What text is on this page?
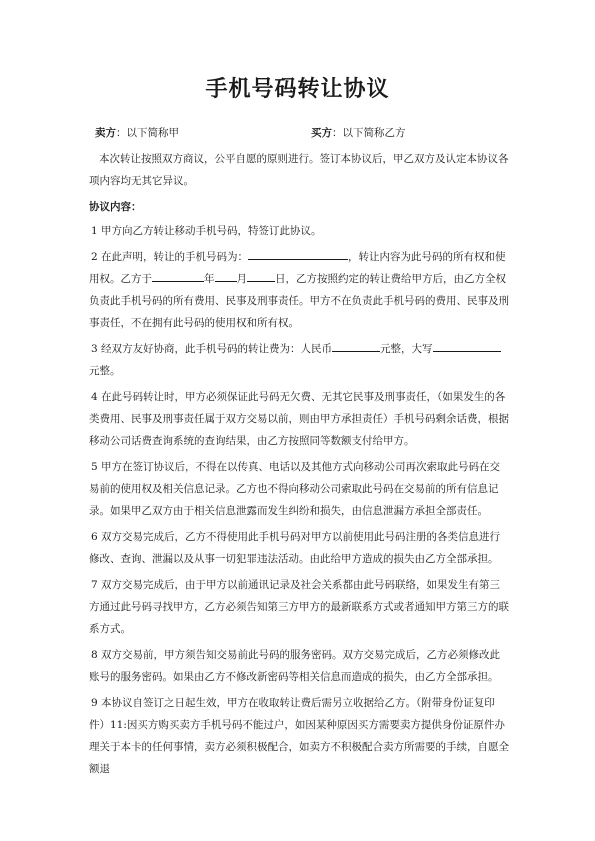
手机号码转让协议
卖方：以下简称甲	买方：以下简称乙方

本次转让按照双方商议，公平自愿的原则进行。签订本协议后，甲乙双方及认定本协议各项内容均无其它异议。

协议内容：

1 甲方向乙方转让移动手机号码，特签订此协议。

2 在此声明，转让的手机号码为：	，转让内容为此号码的所有权和使用权。乙方于	年 月	日，乙方按照约定的转让费给甲方后，由乙方全权负责此手机号码的所有费用、民事及刑事责任。甲方不在负责此手机号码的费用、民事及刑事责任，不在拥有此号码的使用权和所有权。

3 经双方友好协商，此手机号码的转让费为：人民币	元整，大写元整。

4 在此号码转让时，甲方必须保证此号码无欠费、无其它民事及刑事责任，（如果发生的各类费用、民事及刑事责任属于双方交易以前，则由甲方承担责任）手机号码剩余话费，根据移动公司话费查询系统的查询结果，由乙方按照同等数额支付给甲方。

5 甲方在签订协议后，不得在以传真、电话以及其他方式向移动公司再次索取此号码在交易前的使用权及相关信息记录。乙方也不得向移动公司索取此号码在交易前的所有信息记录。如果甲乙双方由于相关信息泄露而发生纠纷和损失，由信息泄漏方承担全部责任。

6 双方交易完成后，乙方不得使用此手机号码对甲方以前使用此号码注册的各类信息进行修改、查询、泄漏以及从事一切犯罪违法活动。由此给甲方造成的损失由乙方全部承担。

7 双方交易完成后，由于甲方以前通讯记录及社会关系都由此号码联络，如果发生有第三方通过此号码寻找甲方，乙方必须告知第三方甲方的最新联系方式或者通知甲方第三方的联系方式。

8 双方交易前，甲方须告知交易前此号码的服务密码。双方交易完成后，乙方必须修改此账号的服务密码。如果由乙方不修改新密码等相关信息而造成的损失，由乙方全部承担。

9 本协议自签订之日起生效，甲方在收取转让费后需另立收据给乙方。（附带身份证复印件）11:因买方购买卖方手机号码不能过户，如因某种原因买方需要卖方提供身份证原件办理关于本卡的任何事情，卖方必须积极配合，如卖方不积极配合卖方所需要的手续，自愿全额退
